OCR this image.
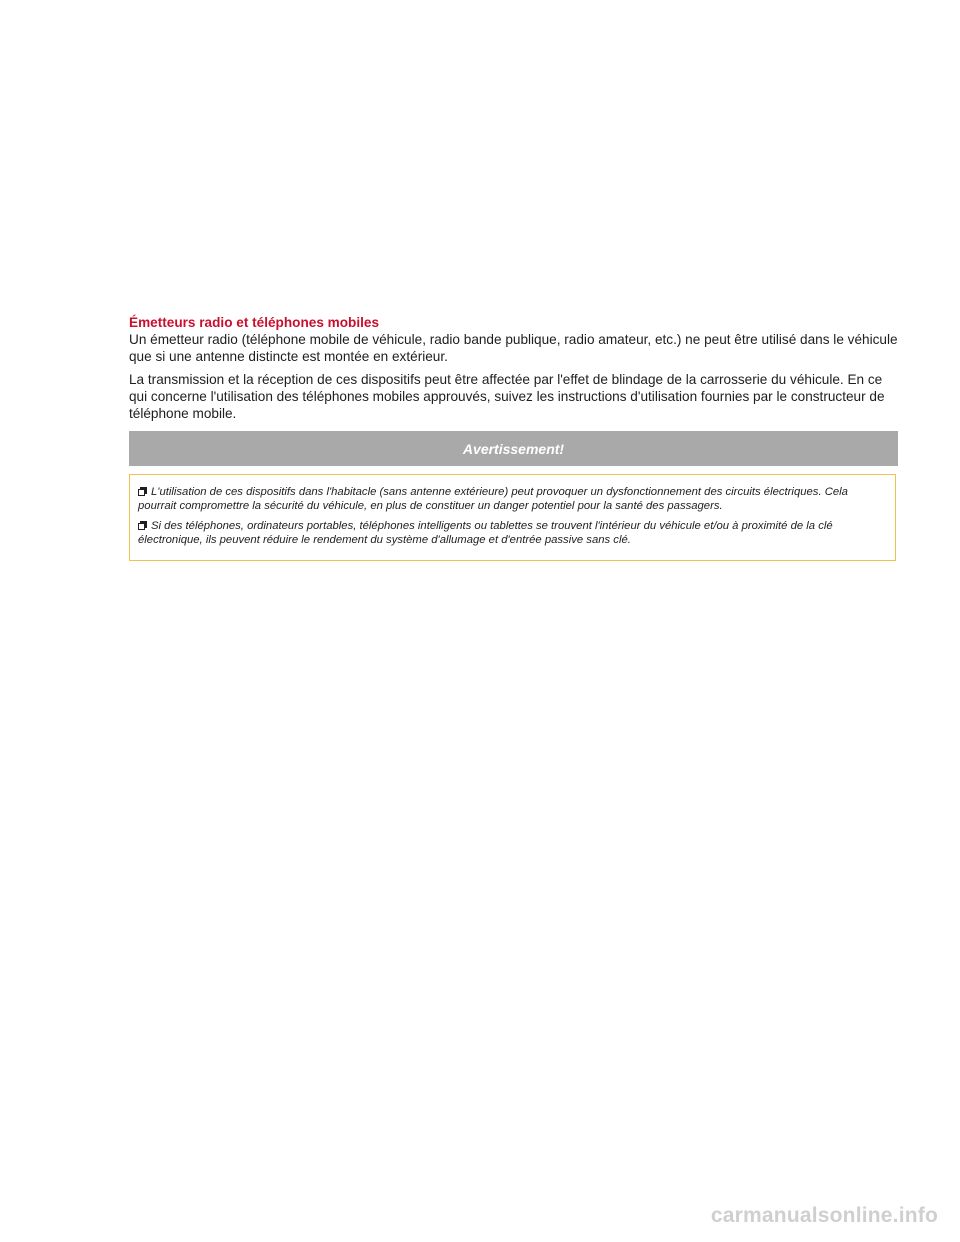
Émetteurs radio et téléphones mobiles

Un émetteur radio (téléphone mobile de véhicule, radio bande publique, radio amateur, etc.) ne peut être utilisé dans le véhicule que si une antenne distincte est montée en extérieur.

La transmission et la réception de ces dispositifs peut être affectée par l'effet de blindage de la carrosserie du véhicule. En ce qui concerne l'utilisation des téléphones mobiles approuvés, suivez les instructions d'utilisation fournies par le constructeur de téléphone mobile.

Avertissement!

L'utilisation de ces dispositifs dans l'habitacle (sans antenne extérieure) peut provoquer un dysfonctionnement des circuits électriques. Cela pourrait compromettre la sécurité du véhicule, en plus de constituer un danger potentiel pour la santé des passagers.

Si des téléphones, ordinateurs portables, téléphones intelligents ou tablettes se trouvent l'intérieur du véhicule et/ou à proximité de la clé électronique, ils peuvent réduire le rendement du système d'allumage et d'entrée passive sans clé.

carmanualsonline.info
